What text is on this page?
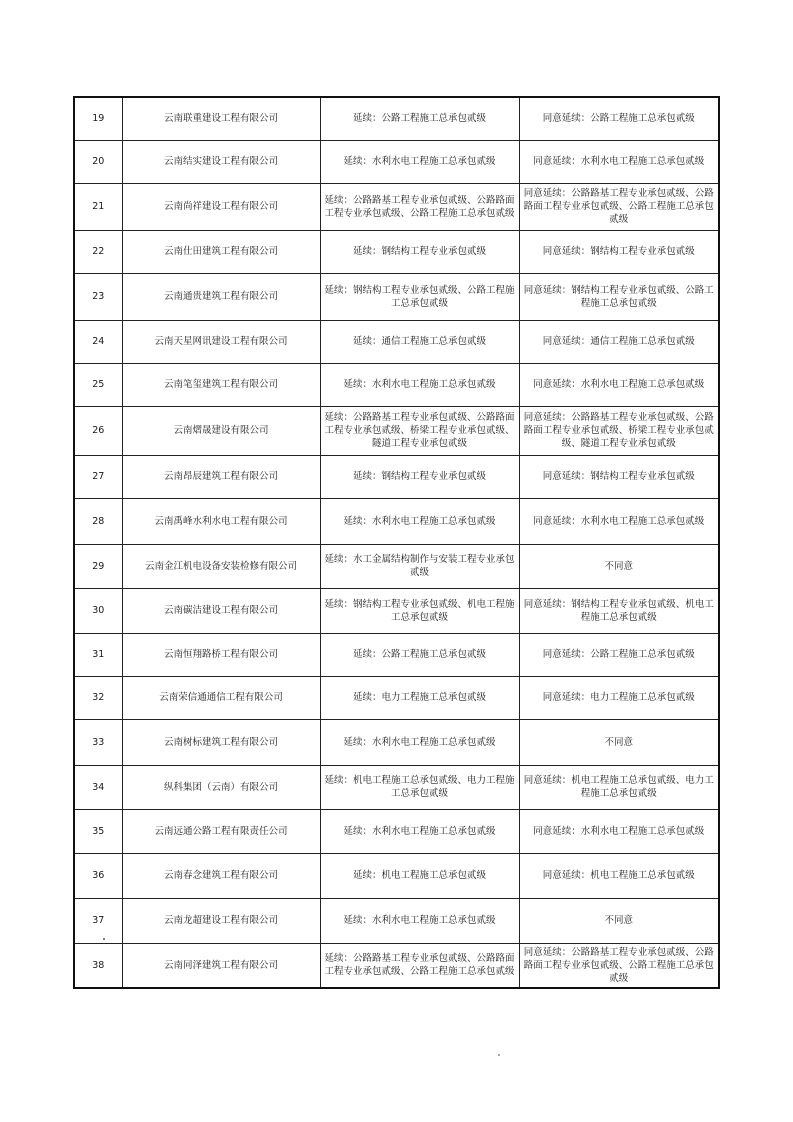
19	云南联重建设工程有限公司	延续：公路工程施工总承包贰级	同意延续：公路工程施工总承包贰级
20	云南结实建设工程有限公司	延续：水利水电工程施工总承包贰级	同意延续：水利水电工程施工总承包贰级
21	云南尚祥建设工程有限公司	延续：公路路基工程专业承包贰级、公路路面工程专业承包贰级、公路工程施工总承包贰级	同意延续：公路路基工程专业承包贰级、公路路面工程专业承包贰级、公路工程施工总承包贰级
22	云南仕田建筑工程有限公司	延续：钢结构工程专业承包贰级	同意延续：钢结构工程专业承包贰级
23	云南通贵建筑工程有限公司	延续：钢结构工程专业承包贰级、公路工程施工总承包贰级	同意延续：钢结构工程专业承包贰级、公路工程施工总承包贰级
24	云南天星网讯建设工程有限公司	延续：通信工程施工总承包贰级	同意延续：通信工程施工总承包贰级
25	云南笔玺建筑工程有限公司	延续：水利水电工程施工总承包贰级	同意延续：水利水电工程施工总承包贰级
26	云南熠晟建设有限公司	延续：公路路基工程专业承包贰级、公路路面工程专业承包贰级、桥梁工程专业承包贰级、隧道工程专业承包贰级	同意延续：公路路基工程专业承包贰级、公路路面工程专业承包贰级、桥梁工程专业承包贰级、隧道工程专业承包贰级
27	云南昂辰建筑工程有限公司	延续：钢结构工程专业承包贰级	同意延续：钢结构工程专业承包贰级
28	云南禹峰水利水电工程有限公司	延续：水利水电工程施工总承包贰级	同意延续：水利水电工程施工总承包贰级
29	云南金江机电设备安装检修有限公司	延续：水工金属结构制作与安装工程专业承包贰级	不同意
30	云南碳洁建设工程有限公司	延续：钢结构工程专业承包贰级、机电工程施工总承包贰级	同意延续：钢结构工程专业承包贰级、机电工程施工总承包贰级
31	云南恒翔路桥工程有限公司	延续：公路工程施工总承包贰级	同意延续：公路工程施工总承包贰级
32	云南荣信通通信工程有限公司	延续：电力工程施工总承包贰级	同意延续：电力工程施工总承包贰级
33	云南树标建筑工程有限公司	延续：水利水电工程施工总承包贰级	不同意
34	纵科集团（云南）有限公司	延续：机电工程施工总承包贰级、电力工程施工总承包贰级	同意延续：机电工程施工总承包贰级、电力工程施工总承包贰级
35	云南远通公路工程有限责任公司	延续：水利水电工程施工总承包贰级	同意延续：水利水电工程施工总承包贰级
36	云南春念建筑工程有限公司	延续：机电工程施工总承包贰级	同意延续：机电工程施工总承包贰级
37	云南龙超建设工程有限公司	延续：水利水电工程施工总承包贰级	不同意
38	云南同泽建筑工程有限公司	延续：公路路基工程专业承包贰级、公路路面工程专业承包贰级、公路工程施工总承包贰级	同意延续：公路路基工程专业承包贰级、公路路面工程专业承包贰级、公路工程施工总承包贰级
